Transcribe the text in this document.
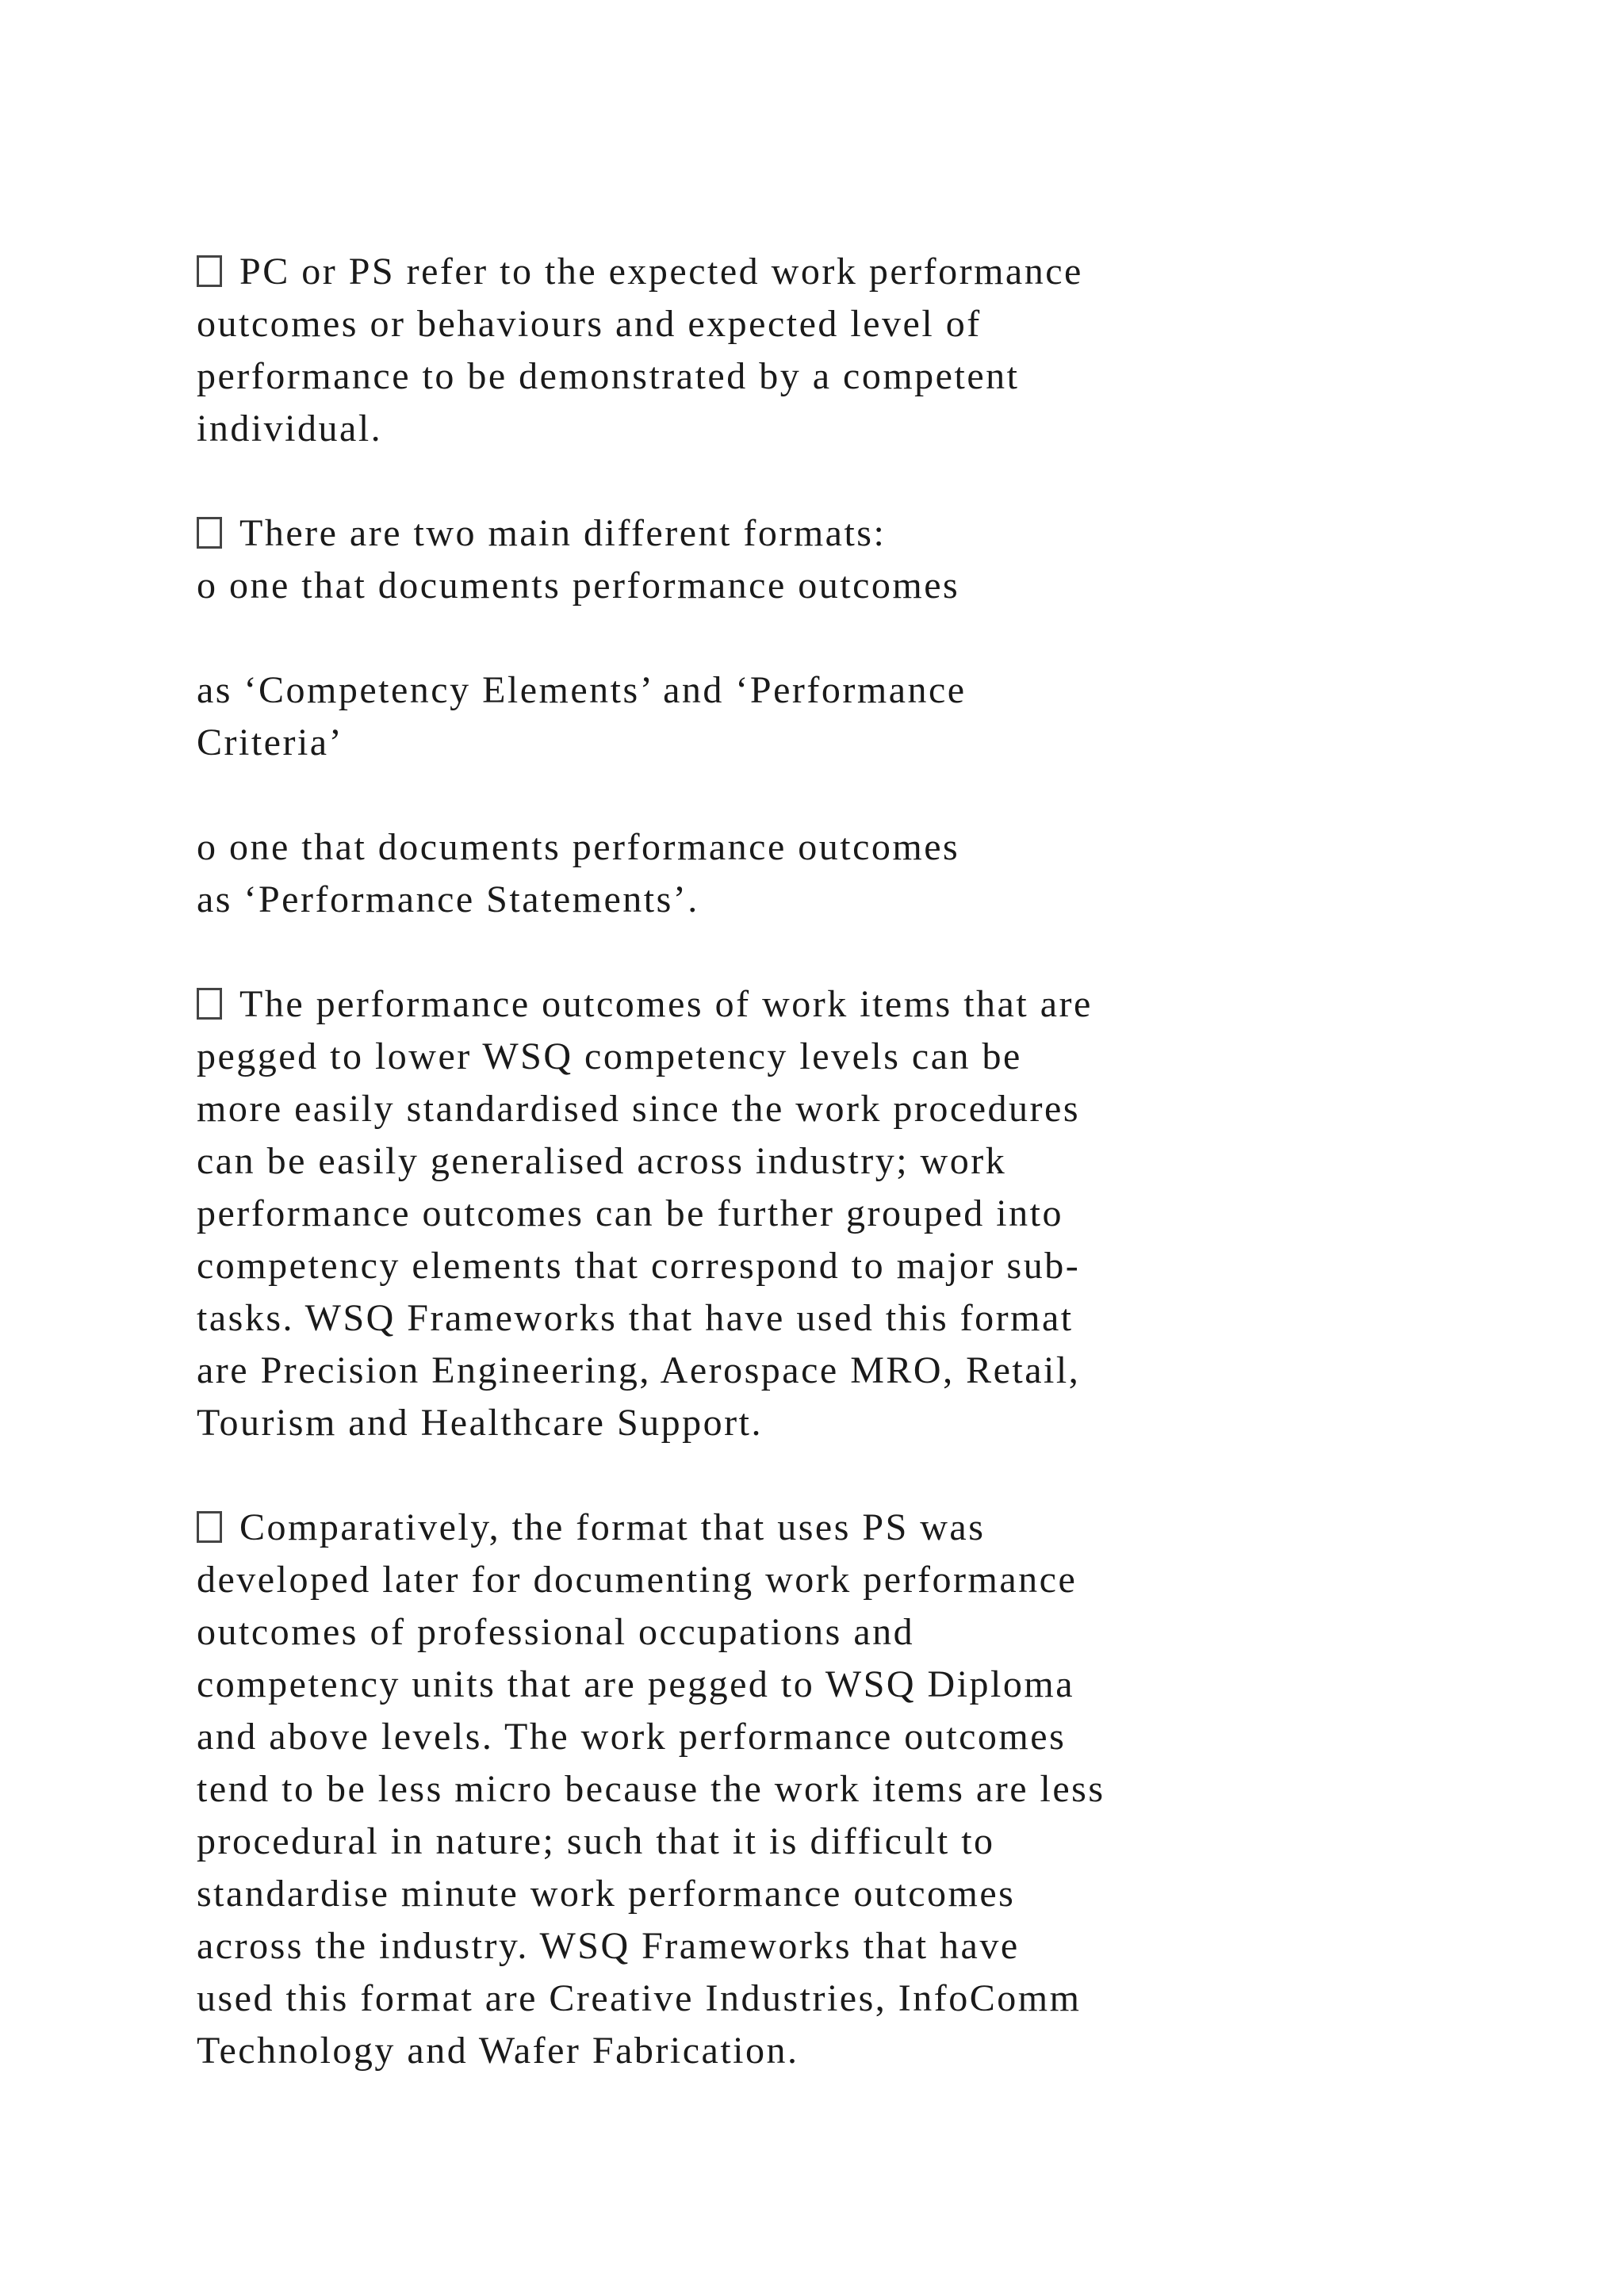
PC or PS refer to the expected work performance
outcomes or behaviours and expected level of
performance to be demonstrated by a competent
individual.
There are two main different formats:
o one that documents performance outcomes
as ‘Competency Elements’ and ‘Performance
Criteria’
o one that documents performance outcomes
as ‘Performance Statements’.
The performance outcomes of work items that are
pegged to lower WSQ competency levels can be
more easily standardised since the work procedures
can be easily generalised across industry; work
performance outcomes can be further grouped into
competency elements that correspond to major sub-
tasks. WSQ Frameworks that have used this format
are Precision Engineering, Aerospace MRO, Retail,
Tourism and Healthcare Support.
Comparatively, the format that uses PS was
developed later for documenting work performance
outcomes of professional occupations and
competency units that are pegged to WSQ Diploma
and above levels. The work performance outcomes
tend to be less micro because the work items are less
procedural in nature; such that it is difficult to
standardise minute work performance outcomes
across the industry. WSQ Frameworks that have
used this format are Creative Industries, InfoComm
Technology and Wafer Fabrication.
